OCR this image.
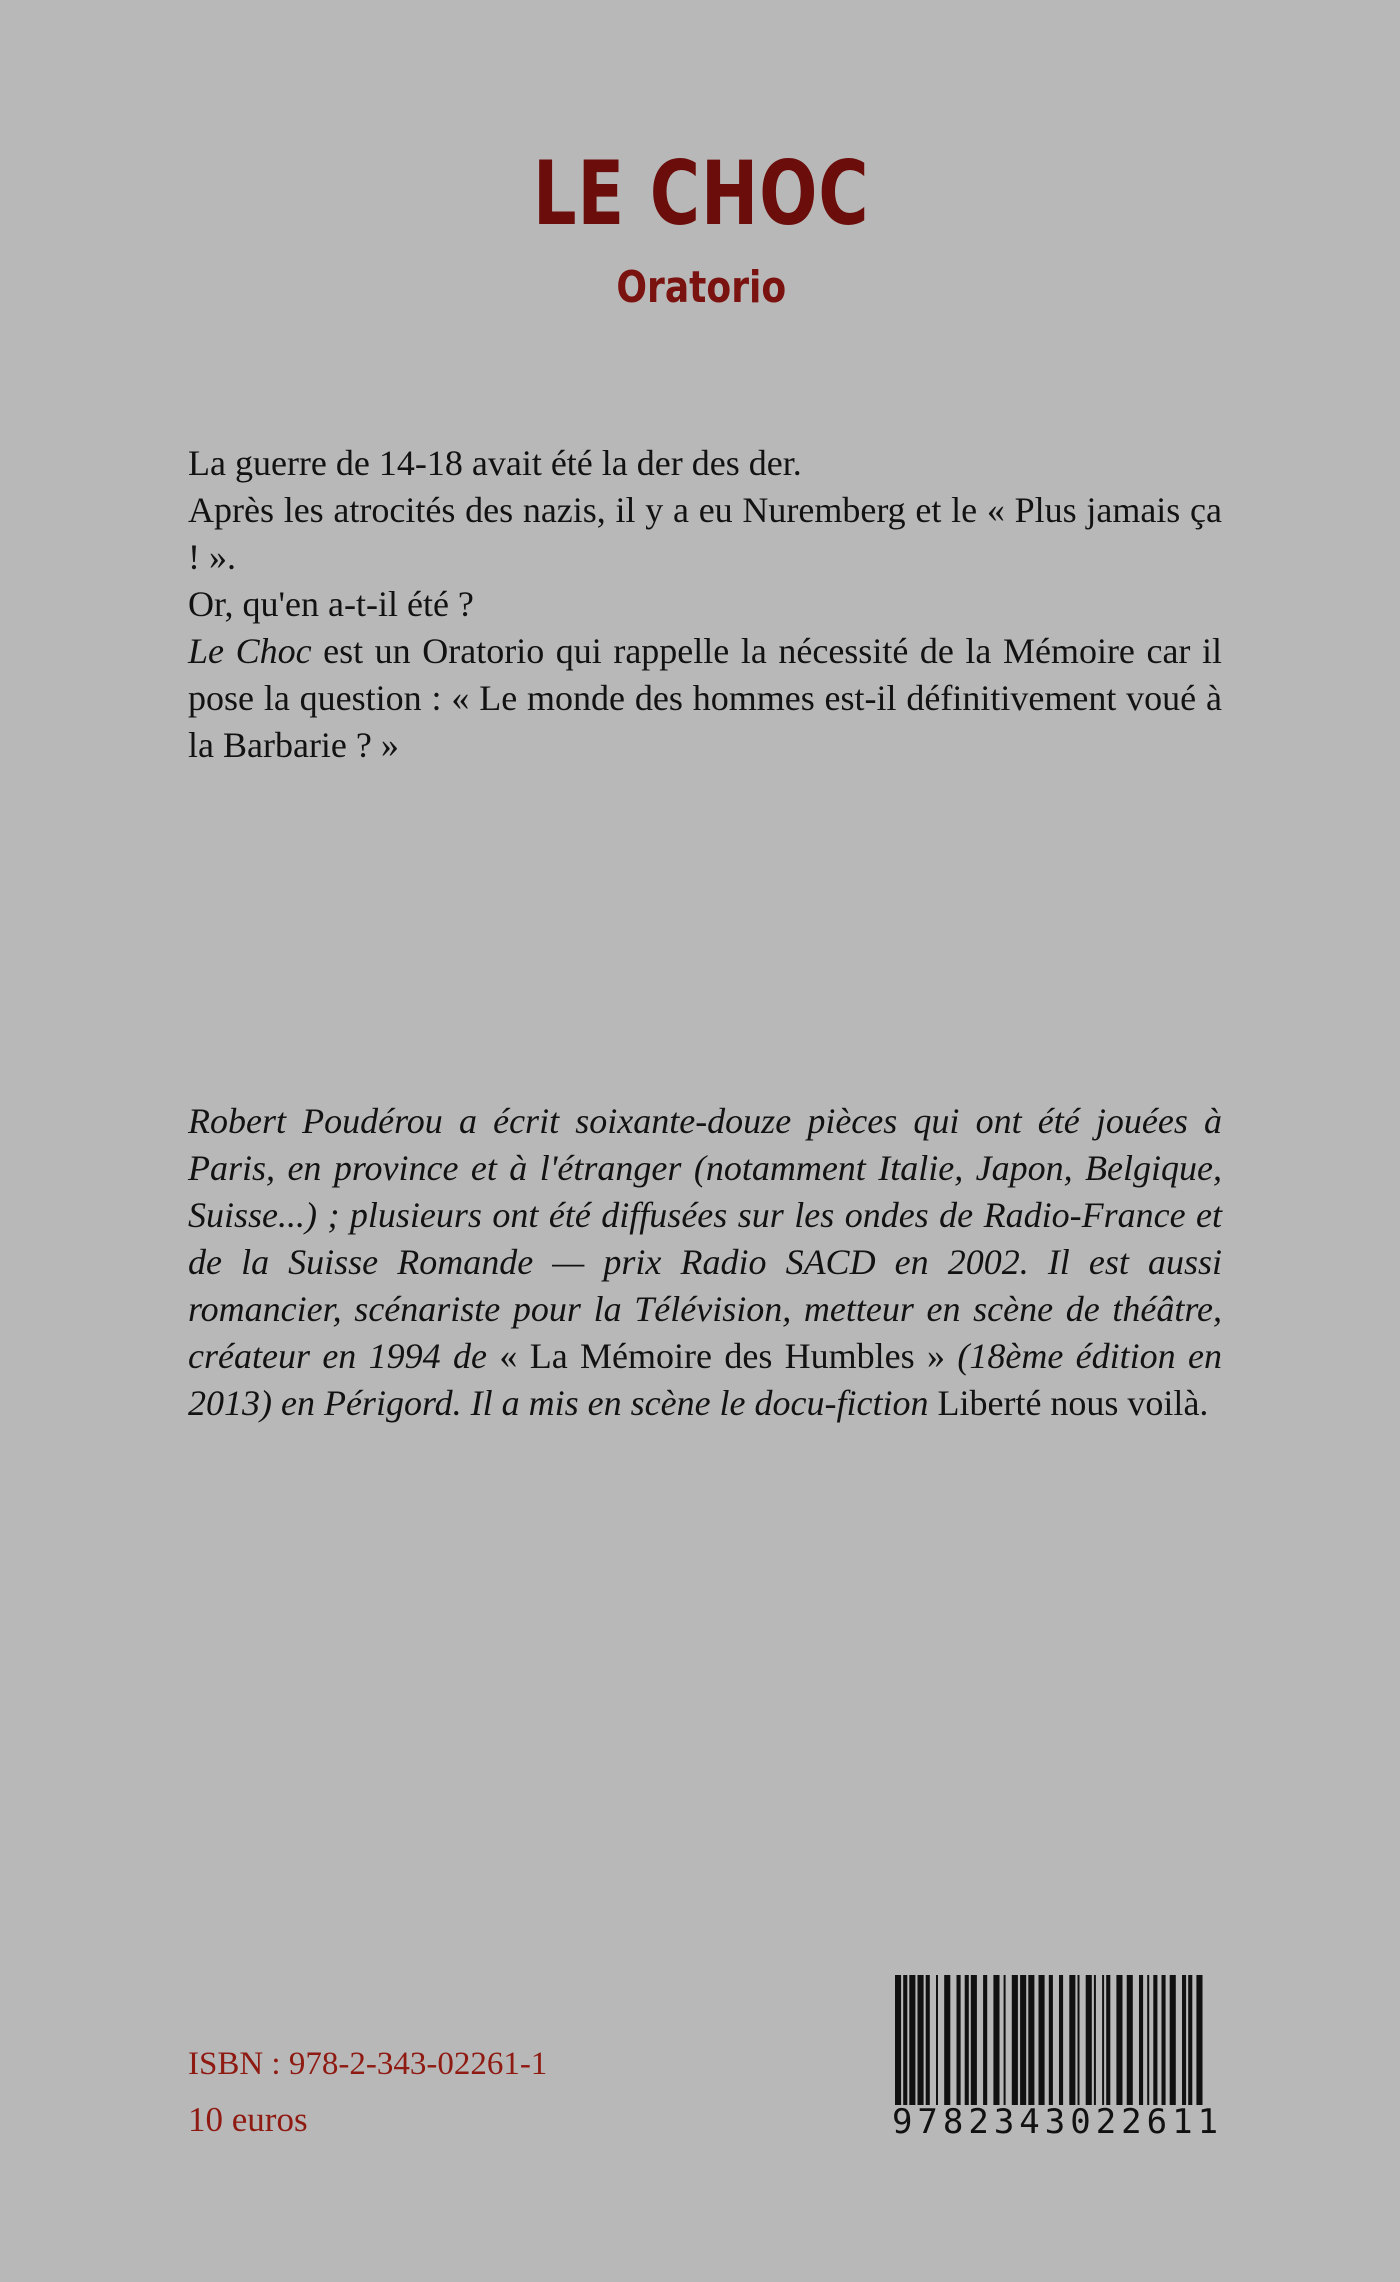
LE CHOC
Oratorio

La guerre de 14-18 avait été la der des der.

Après les atrocités des nazis, il y a eu Nuremberg et le « Plus jamais ça ! ».

Or, qu'en a-t-il été ?

Le Choc est un Oratorio qui rappelle la nécessité de la Mémoire car il pose la question : « Le monde des hommes est-il définitivement voué à la Barbarie ? »

Robert Poudérou a écrit soixante-douze pièces qui ont été jouées à Paris, en province et à l'étranger (notamment Italie, Japon, Belgique, Suisse...) ; plusieurs ont été diffusées sur les ondes de Radio-France et de la Suisse Romande — prix Radio SACD en 2002. Il est aussi romancier, scénariste pour la Télévision, metteur en scène de théâtre, créateur en 1994 de « La Mémoire des Humbles » (18ème édition en 2013) en Périgord. Il a mis en scène le docu-fiction Liberté nous voilà.

ISBN : 978-2-343-02261-1
10 euros	9782343022611
